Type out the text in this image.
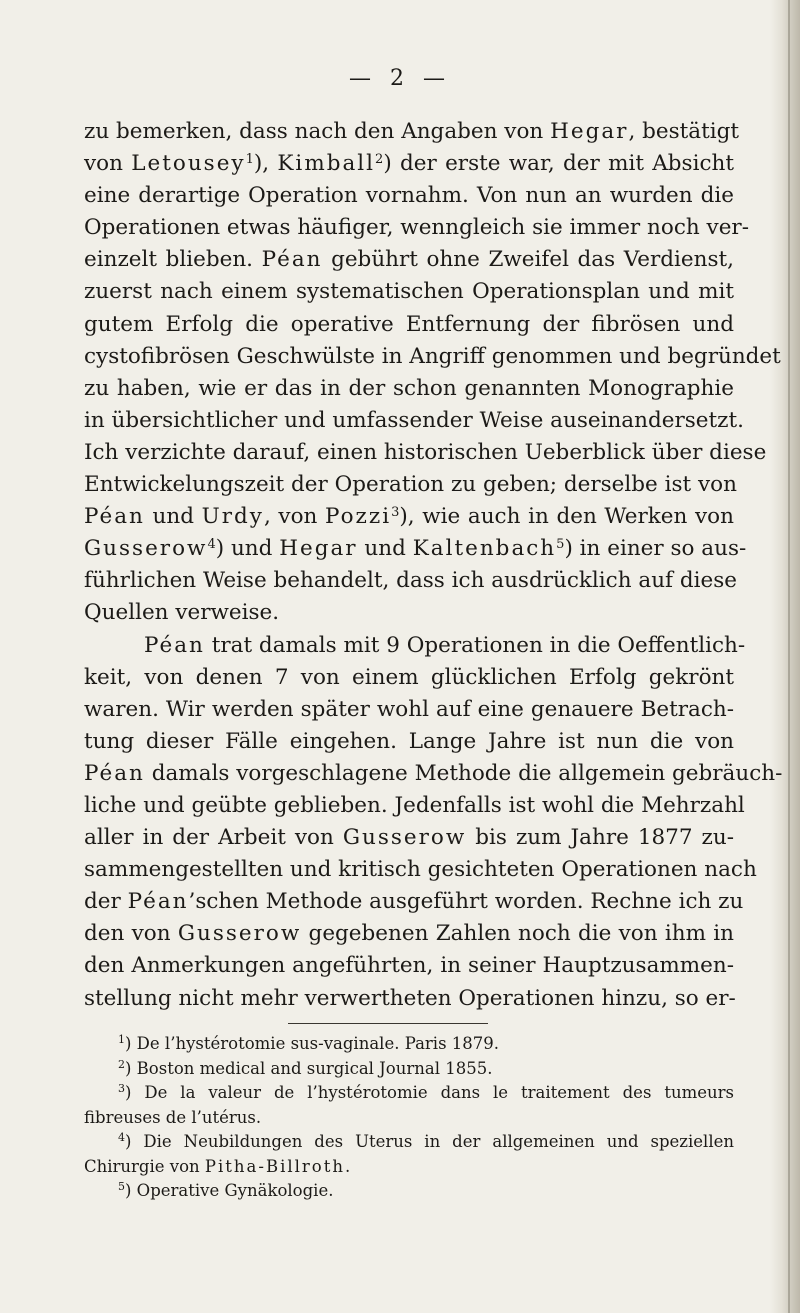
— 2 —
zu bemerken, dass nach den Angaben von Hegar, bestätigt
von Letousey$^1$), Kimball$^2$) der erste war, der mit Absicht
eine derartige Operation vornahm. Von nun an wurden die
Operationen etwas häufiger, wenngleich sie immer noch ver-
einzelt blieben. Péan gebührt ohne Zweifel das Verdienst,
zuerst nach einem systematischen Operationsplan und mit
gutem Erfolg die operative Entfernung der fibrösen und
cystofibrösen Geschwülste in Angriff genommen und begründet
zu haben, wie er das in der schon genannten Monographie
in übersichtlicher und umfassender Weise auseinandersetzt.
Ich verzichte darauf, einen historischen Ueberblick über diese
Entwickelungszeit der Operation zu geben; derselbe ist von
Péan und Urdy, von Pozzi$^3$), wie auch in den Werken von
Gusserow$^4$) und Hegar und Kaltenbach$^5$) in einer so aus-
führlichen Weise behandelt, dass ich ausdrücklich auf diese
Quellen verweise.
Péan trat damals mit 9 Operationen in die Oeffentlich-
keit, von denen 7 von einem glücklichen Erfolg gekrönt
waren. Wir werden später wohl auf eine genauere Betrach-
tung dieser Fälle eingehen. Lange Jahre ist nun die von
Péan damals vorgeschlagene Methode die allgemein gebräuch-
liche und geübte geblieben. Jedenfalls ist wohl die Mehrzahl
aller in der Arbeit von Gusserow bis zum Jahre 1877 zu-
sammengestellten und kritisch gesichteten Operationen nach
der Péan’schen Methode ausgeführt worden. Rechne ich zu
den von Gusserow gegebenen Zahlen noch die von ihm in
den Anmerkungen angeführten, in seiner Hauptzusammen-
stellung nicht mehr verwertheten Operationen hinzu, so er-
$^1$) De l’hystérotomie sus-vaginale. Paris 1879.
$^2$) Boston medical and surgical Journal 1855.
$^3$) De la valeur de l’hystérotomie dans le traitement des tumeurs
fibreuses de l’utérus.
$^4$) Die Neubildungen des Uterus in der allgemeinen und speziellen
Chirurgie von Pitha-Billroth.
$^5$) Operative Gynäkologie.
